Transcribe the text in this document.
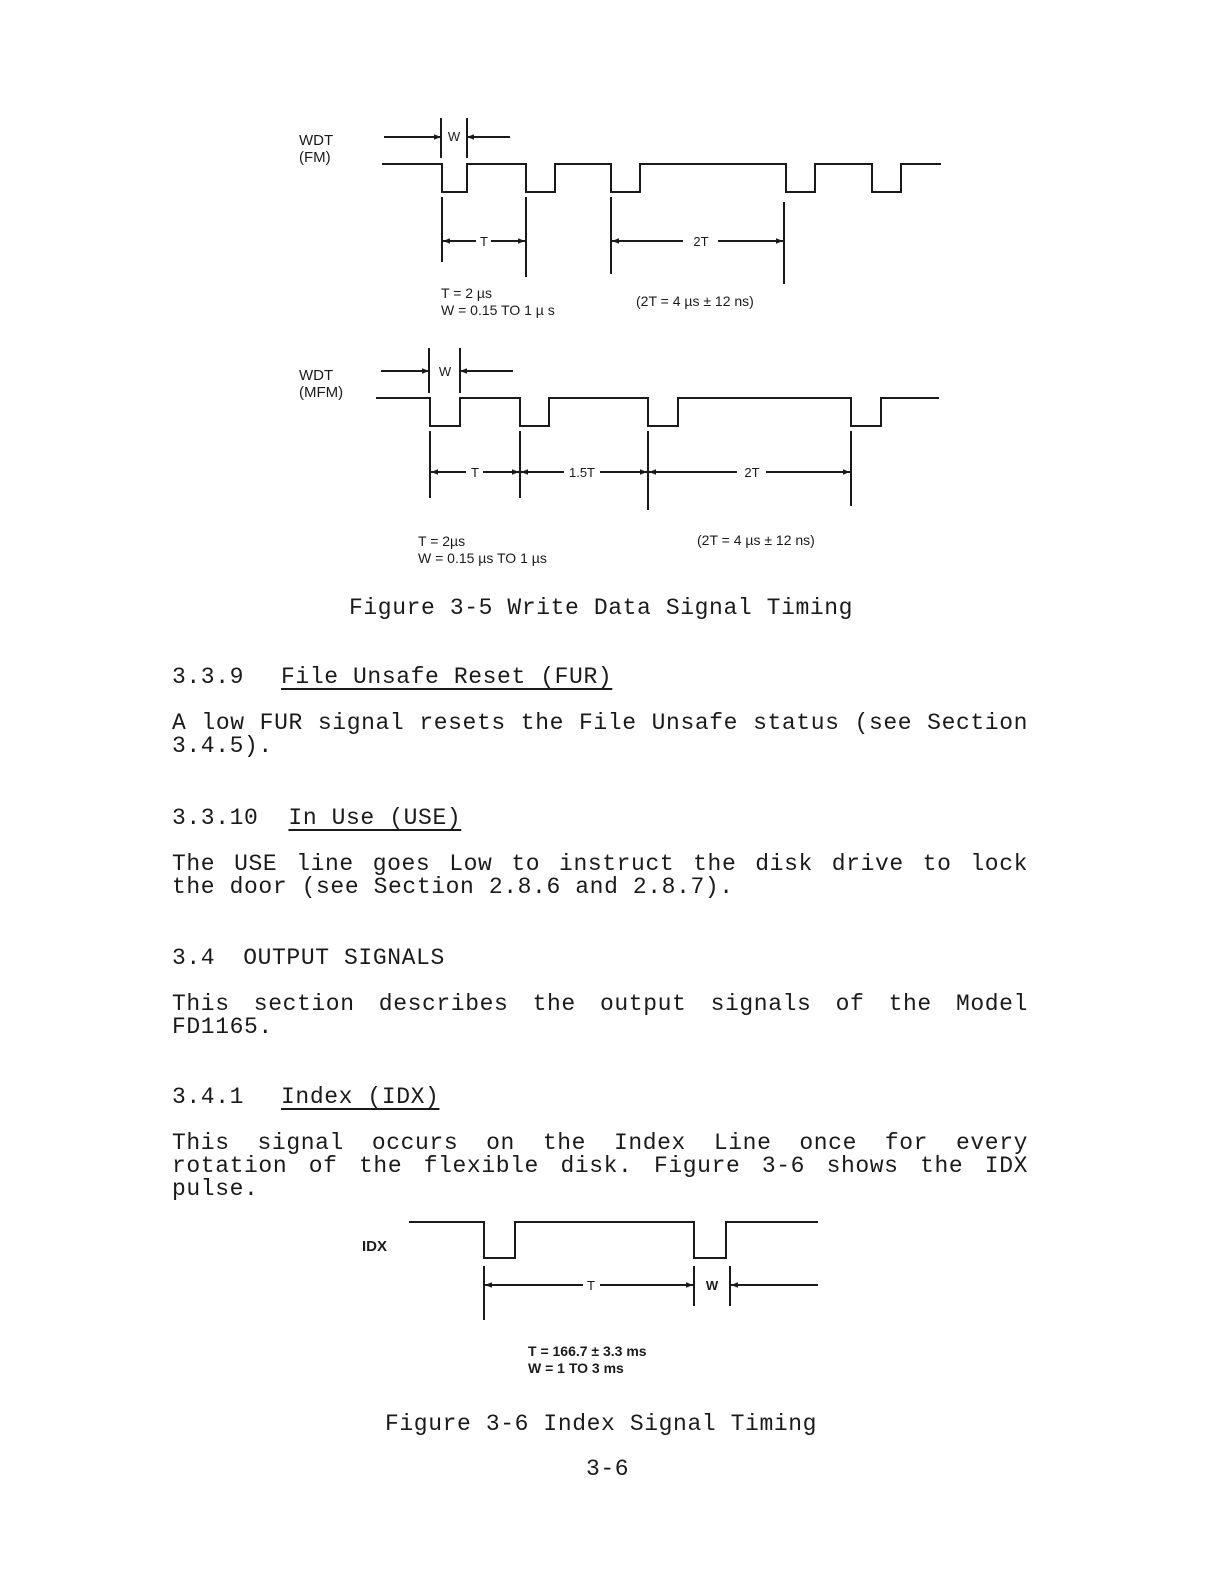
WDT
(FM)
W
T	2T
W
T	1.5T	2T
T	W
T = 2 µs
W = 0.15 TO 1 µ s
(2T = 4 µs ± 12 ns)
WDT
(MFM)
T = 2µs
W = 0.15 µs TO 1 µs
(2T = 4 µs ± 12 ns)
Figure 3-5 Write Data Signal Timing
3.3.9 File Unsafe Reset (FUR)
A low FUR signal resets the File Unsafe status (see Section 3.4.5).
3.3.10 In Use (USE)
The USE line goes Low to instruct the disk drive to lock the door (see Section 2.8.6 and 2.8.7).
3.4 OUTPUT SIGNALS
This section describes the output signals of the Model FD1165.
3.4.1 Index (IDX)
This signal occurs on the Index Line once for every rotation of the flexible disk. Figure 3-6 shows the IDX pulse.
IDX
T = 166.7 ± 3.3 ms
W = 1 TO 3 ms
Figure 3-6 Index Signal Timing
3-6
